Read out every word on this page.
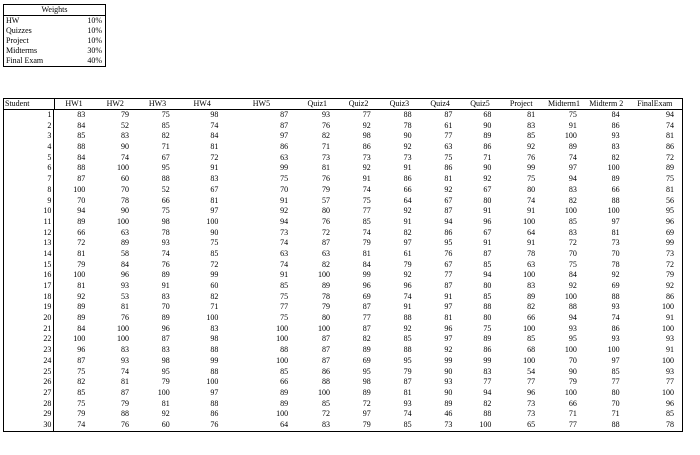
Weights
HW	10%
Quizzes	10%
Project	10%
Midterms	30%
Final Exam	40%
Student	HW1	HW2	HW3	HW4	HW5	Quiz1	Quiz2	Quiz3	Quiz4	Quiz5	Project	Midterm1	Midterm 2	FinalExam
1	83	79	75	98	87	93	77	88	87	68	81	75	84	94
2	84	52	85	74	87	76	92	78	61	90	83	91	86	74
3	85	83	82	84	97	82	98	90	77	89	85	100	93	81
4	88	90	71	81	86	71	86	92	63	86	92	89	83	86
5	84	74	67	72	63	73	73	73	75	71	76	74	82	72
6	88	100	95	91	99	81	92	91	86	90	99	97	100	89
7	87	60	88	83	75	76	91	86	81	92	75	94	89	75
8	100	70	52	67	70	79	74	66	92	67	80	83	66	81
9	70	78	66	81	91	57	75	64	67	80	74	82	88	56
10	94	90	75	97	92	80	77	92	87	91	91	100	100	95
11	89	100	98	100	94	76	85	91	94	96	100	85	97	96
12	66	63	78	90	73	72	74	82	86	67	64	83	81	69
13	72	89	93	75	74	87	79	97	95	91	91	72	73	99
14	81	58	74	85	63	63	81	61	76	87	78	70	70	73
15	79	84	76	72	74	82	84	79	67	85	63	75	78	72
16	100	96	89	99	91	100	99	92	77	94	100	84	92	79
17	81	93	91	60	85	89	96	96	87	80	83	92	69	92
18	92	53	83	82	75	78	69	74	91	85	89	100	88	86
19	89	81	70	71	77	79	87	91	97	88	82	88	93	100
20	89	76	89	100	75	80	77	88	81	80	66	94	74	91
21	84	100	96	83	100	100	87	92	96	75	100	93	86	100
22	100	100	87	98	100	87	82	85	97	89	85	95	93	93
23	96	83	83	88	88	87	89	88	92	86	68	100	100	91
24	87	93	98	99	100	87	69	95	99	99	100	70	97	100
25	75	74	95	88	85	86	95	79	90	83	54	90	85	93
26	82	81	79	100	66	88	98	87	93	77	77	79	77	77
27	85	87	100	97	89	100	89	81	90	94	96	100	80	100
28	75	79	81	88	89	85	72	93	89	82	73	66	70	96
29	79	88	92	86	100	72	97	74	46	88	73	71	71	85
30	74	76	60	76	64	83	79	85	73	100	65	77	88	78
